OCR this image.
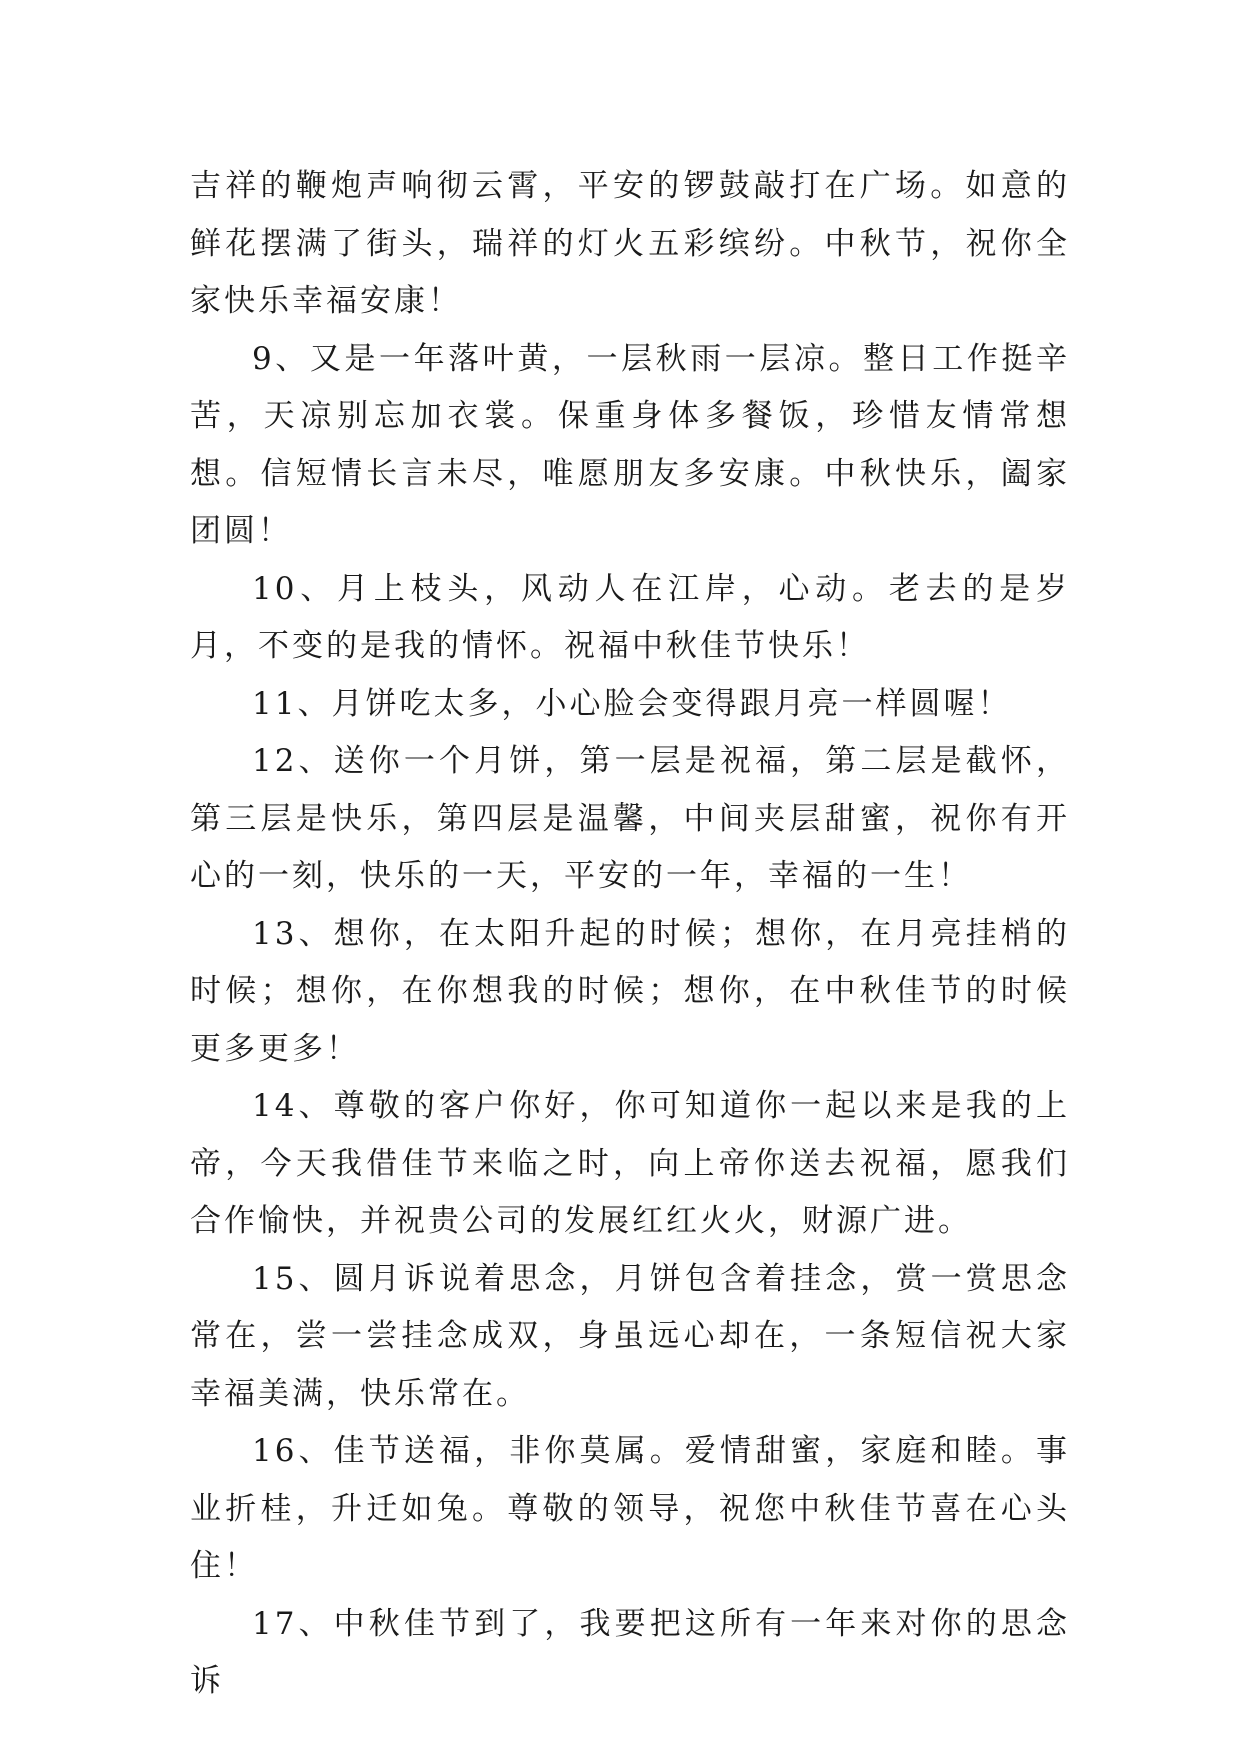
吉祥的鞭炮声响彻云霄，平安的锣鼓敲打在广场。如意的鲜花摆满了街头，瑞祥的灯火五彩缤纷。中秋节，祝你全家快乐幸福安康！

9、又是一年落叶黄，一层秋雨一层凉。整日工作挺辛苦，天凉别忘加衣裳。保重身体多餐饭，珍惜友情常想想。信短情长言未尽，唯愿朋友多安康。中秋快乐，阖家团圆！

10、月上枝头，风动人在江岸，心动。老去的是岁月，不变的是我的情怀。祝福中秋佳节快乐！

11、月饼吃太多，小心脸会变得跟月亮一样圆喔！

12、送你一个月饼，第一层是祝福，第二层是截怀，第三层是快乐，第四层是温馨，中间夹层甜蜜，祝你有开心的一刻，快乐的一天，平安的一年，幸福的一生！

13、想你，在太阳升起的时候；想你，在月亮挂梢的时候；想你，在你想我的时候；想你，在中秋佳节的时候更多更多！

14、尊敬的客户你好，你可知道你一起以来是我的上帝，今天我借佳节来临之时，向上帝你送去祝福，愿我们合作愉快，并祝贵公司的发展红红火火，财源广进。

15、圆月诉说着思念，月饼包含着挂念，赏一赏思念常在，尝一尝挂念成双，身虽远心却在，一条短信祝大家幸福美满，快乐常在。

16、佳节送福，非你莫属。爱情甜蜜，家庭和睦。事业折桂，升迁如兔。尊敬的领导，祝您中秋佳节喜在心头住！

17、中秋佳节到了，我要把这所有一年来对你的思念诉
